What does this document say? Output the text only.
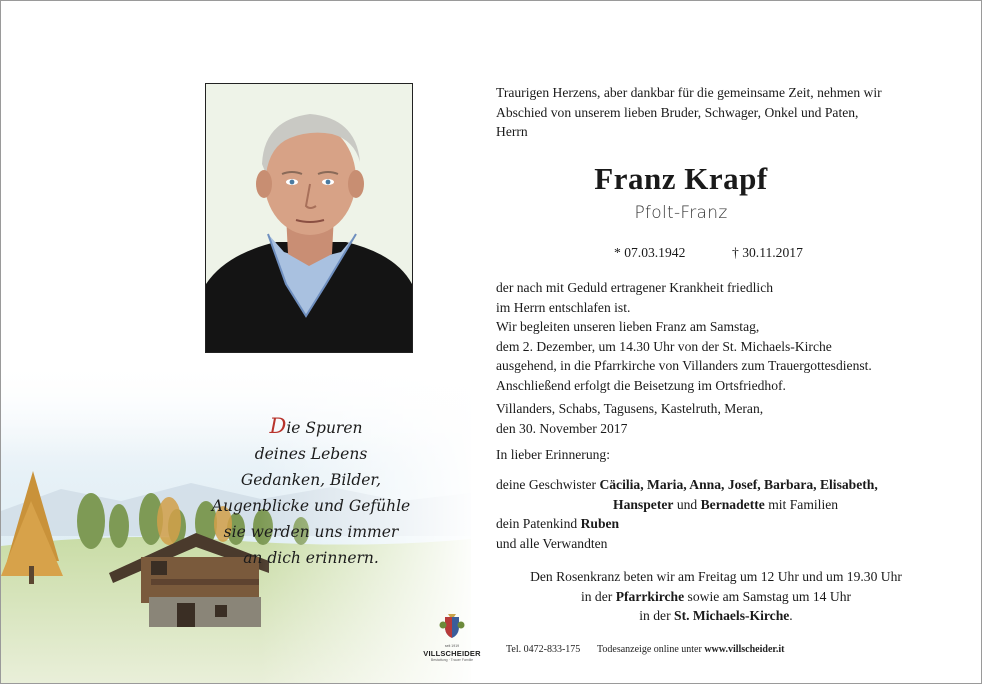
Die Spuren
deines Lebens
Gedanken, Bilder,
Augenblicke und Gefühle
sie werden uns immer
an dich erinnern.
seit 1919
VILLSCHEIDER
Bestattung · Trauer Familie
Tel. 0472-833-175 Todesanzeige online unter www.villscheider.it
Traurigen Herzens, aber dankbar für die gemeinsame Zeit, nehmen wir
Abschied von unserem lieben Bruder, Schwager, Onkel und Paten,
Herrn
Franz Krapf
Pfolt-Franz
* 07.03.1942	† 30.11.2017
der nach mit Geduld ertragener Krankheit friedlich
im Herrn entschlafen ist.
Wir begleiten unseren lieben Franz am Samstag,
dem 2. Dezember, um 14.30 Uhr von der St. Michaels-Kirche
ausgehend, in die Pfarrkirche von Villanders zum Trauergottesdienst.
Anschließend erfolgt die Beisetzung im Ortsfriedhof.
Villanders, Schabs, Tagusens, Kastelruth, Meran,
den 30. November 2017
In lieber Erinnerung:
deine Geschwister Cäcilia, Maria, Anna, Josef, Barbara, Elisabeth,
Hanspeter und Bernadette mit Familien
dein Patenkind Ruben
und alle Verwandten
Den Rosenkranz beten wir am Freitag um 12 Uhr und um 19.30 Uhr
in der Pfarrkirche sowie am Samstag um 14 Uhr
in der St. Michaels-Kirche.
